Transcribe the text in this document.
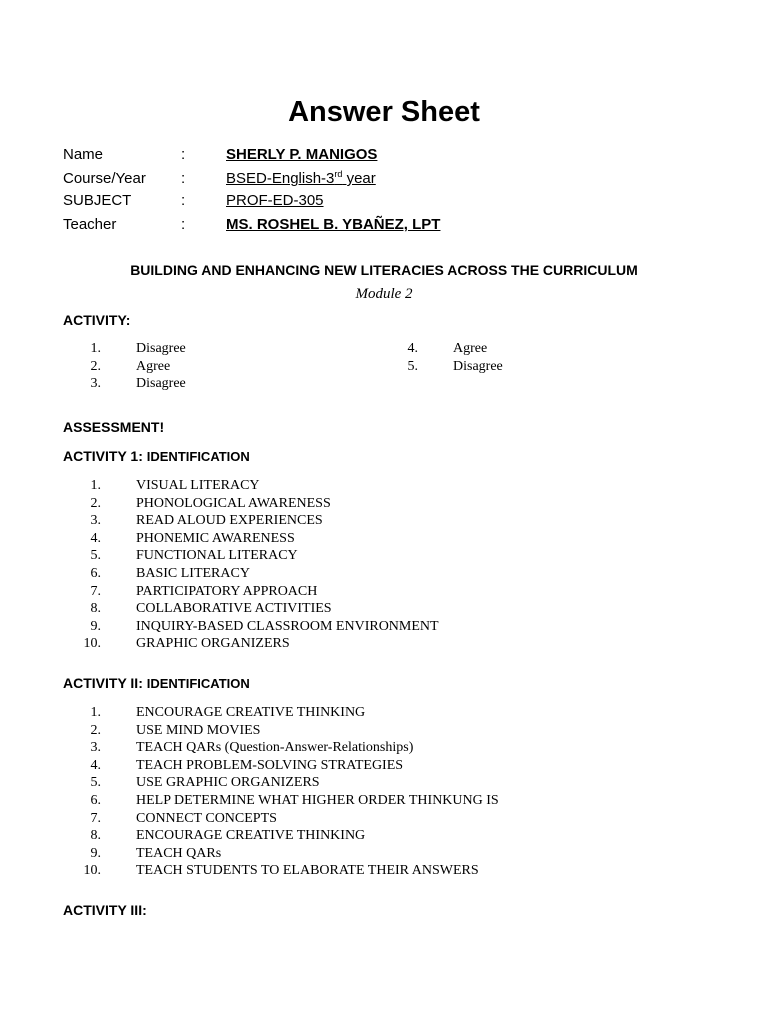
Answer Sheet
Name	:	SHERLY P. MANIGOS
Course/Year :	BSED-English-3rd year
SUBJECT	:	PROF-ED-305
Teacher	:	MS. ROSHEL B. YBAÑEZ, LPT
BUILDING AND ENHANCING NEW LITERACIES ACROSS THE CURRICULUM
Module 2
ACTIVITY:
1.	Disagree
2.	Agree
3.	Disagree
4.	Agree
5.	Disagree
ASSESSMENT!
ACTIVITY 1: IDENTIFICATION
1.	VISUAL LITERACY
2.	PHONOLOGICAL AWARENESS
3.	READ ALOUD EXPERIENCES
4.	PHONEMIC AWARENESS
5.	FUNCTIONAL LITERACY
6.	BASIC LITERACY
7.	PARTICIPATORY APPROACH
8.	COLLABORATIVE ACTIVITIES
9.	INQUIRY-BASED CLASSROOM ENVIRONMENT
10.	GRAPHIC ORGANIZERS
ACTIVITY II: IDENTIFICATION
1.	ENCOURAGE CREATIVE THINKING
2.	USE MIND MOVIES
3.	TEACH QARs (Question-Answer-Relationships)
4.	TEACH PROBLEM-SOLVING STRATEGIES
5.	USE GRAPHIC ORGANIZERS
6.	HELP DETERMINE WHAT HIGHER ORDER THINKUNG IS
7.	CONNECT CONCEPTS
8.	ENCOURAGE CREATIVE THINKING
9.	TEACH QARs
10.	TEACH STUDENTS TO ELABORATE THEIR ANSWERS
ACTIVITY III:
